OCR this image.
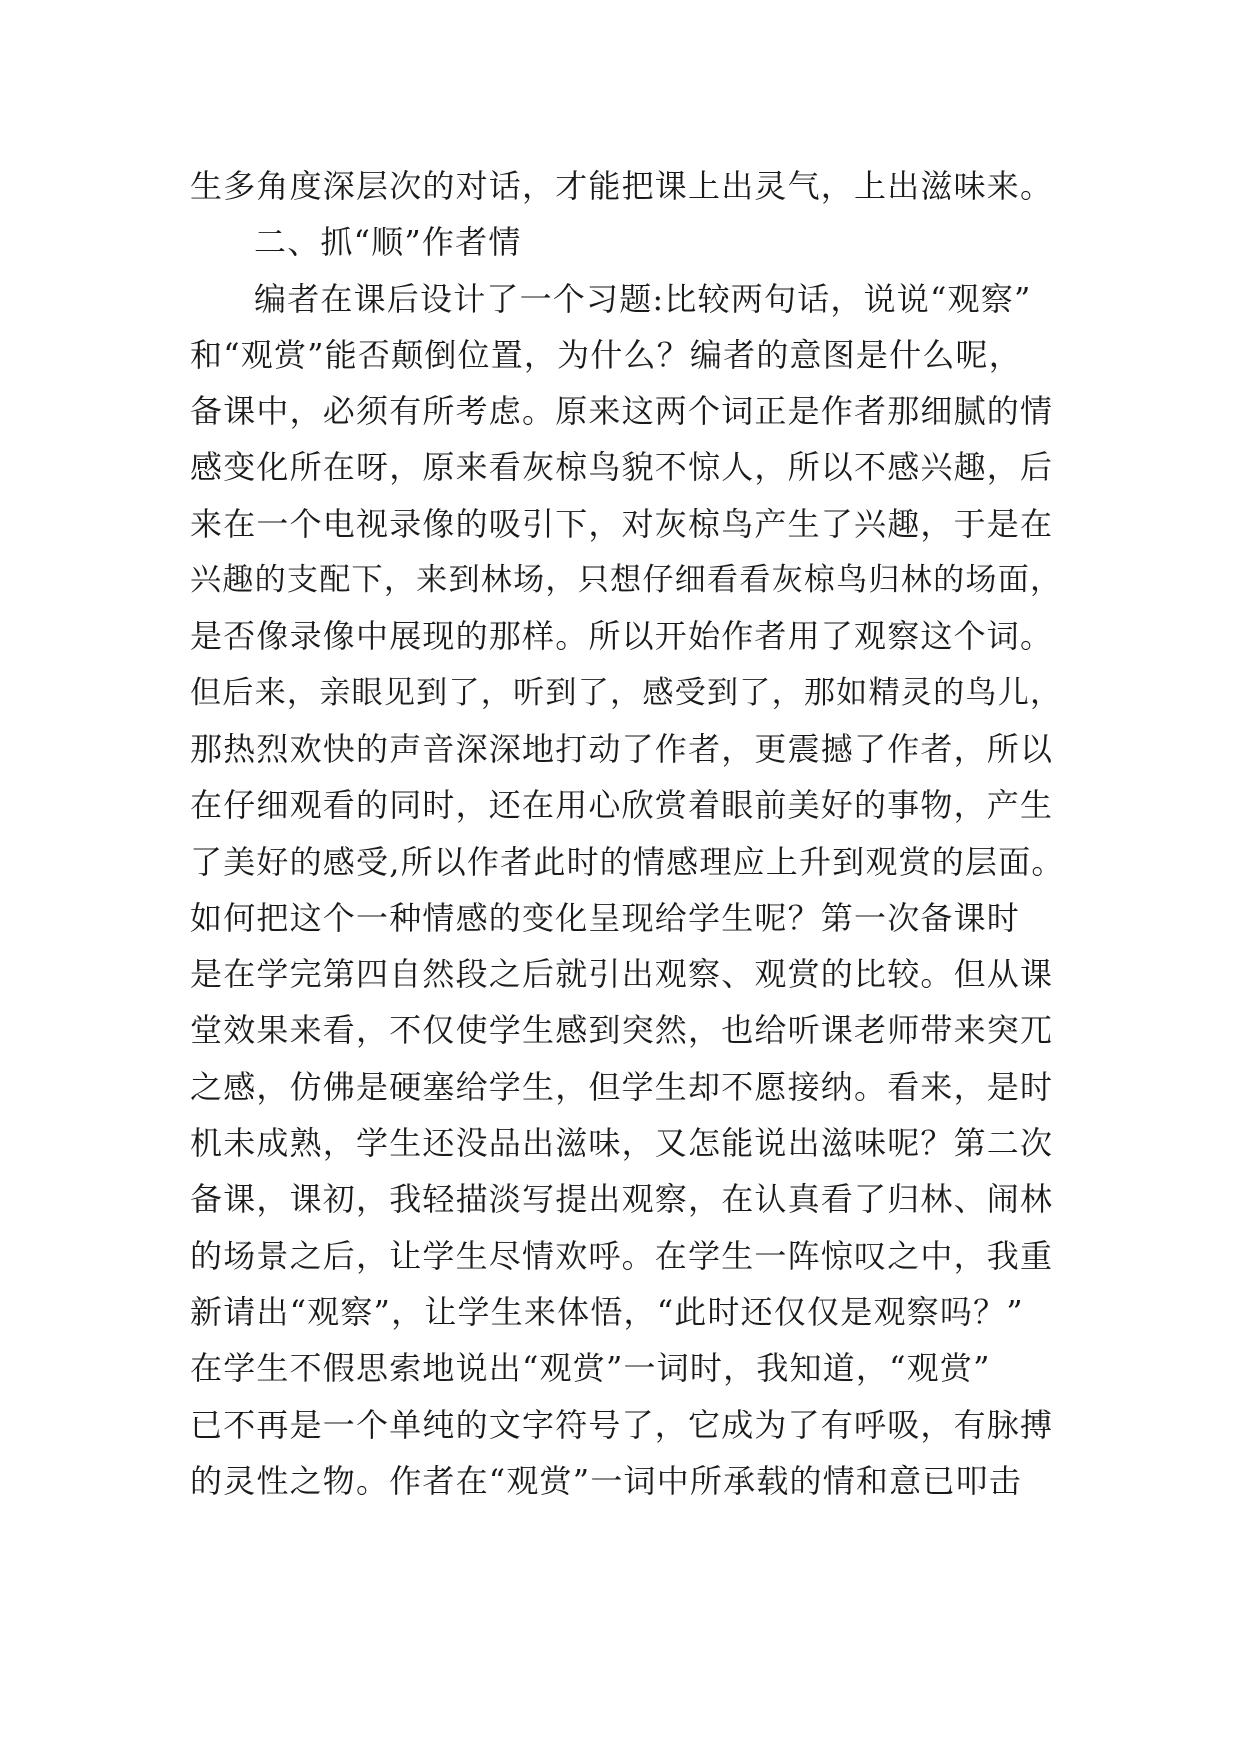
生多角度深层次的对话，才能把课上出灵气，上出滋味来。
二、抓“顺”作者情
编者在课后设计了一个习题:比较两句话，说说“观察”
和“观赏”能否颠倒位置，为什么？编者的意图是什么呢，
备课中，必须有所考虑。原来这两个词正是作者那细腻的情
感变化所在呀，原来看灰椋鸟貌不惊人，所以不感兴趣，后
来在一个电视录像的吸引下，对灰椋鸟产生了兴趣，于是在
兴趣的支配下，来到林场，只想仔细看看灰椋鸟归林的场面，
是否像录像中展现的那样。所以开始作者用了观察这个词。
但后来，亲眼见到了，听到了，感受到了，那如精灵的鸟儿，
那热烈欢快的声音深深地打动了作者，更震撼了作者，所以
在仔细观看的同时，还在用心欣赏着眼前美好的事物，产生
了美好的感受,所以作者此时的情感理应上升到观赏的层面。
如何把这个一种情感的变化呈现给学生呢？第一次备课时
是在学完第四自然段之后就引出观察、观赏的比较。但从课
堂效果来看，不仅使学生感到突然，也给听课老师带来突兀
之感，仿佛是硬塞给学生，但学生却不愿接纳。看来，是时
机未成熟，学生还没品出滋味，又怎能说出滋味呢？第二次
备课，课初，我轻描淡写提出观察，在认真看了归林、闹林
的场景之后，让学生尽情欢呼。在学生一阵惊叹之中，我重
新请出“观察”，让学生来体悟，“此时还仅仅是观察吗？”
在学生不假思索地说出“观赏”一词时，我知道，“观赏”
已不再是一个单纯的文字符号了，它成为了有呼吸，有脉搏
的灵性之物。作者在“观赏”一词中所承载的情和意已叩击
